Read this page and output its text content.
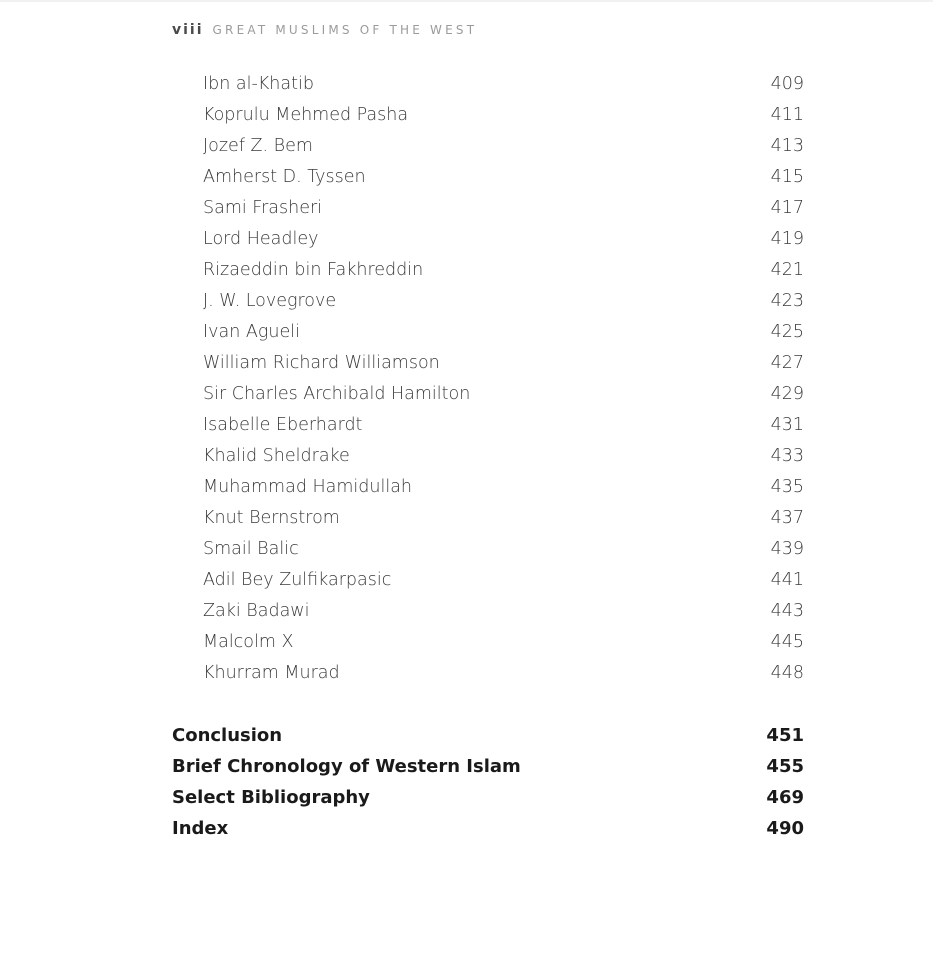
viii GREAT MUSLIMS OF THE WEST
Ibn al-Khatib	409
Koprulu Mehmed Pasha	411
Jozef Z. Bem	413
Amherst D. Tyssen	415
Sami Frasheri	417
Lord Headley	419
Rizaeddin bin Fakhreddin	421
J. W. Lovegrove	423
Ivan Agueli	425
William Richard Williamson	427
Sir Charles Archibald Hamilton	429
Isabelle Eberhardt	431
Khalid Sheldrake	433
Muhammad Hamidullah	435
Knut Bernstrom	437
Smail Balic	439
Adil Bey Zulfikarpasic	441
Zaki Badawi	443
Malcolm X	445
Khurram Murad	448
Conclusion	451
Brief Chronology of Western Islam	455
Select Bibliography	469
Index	490
